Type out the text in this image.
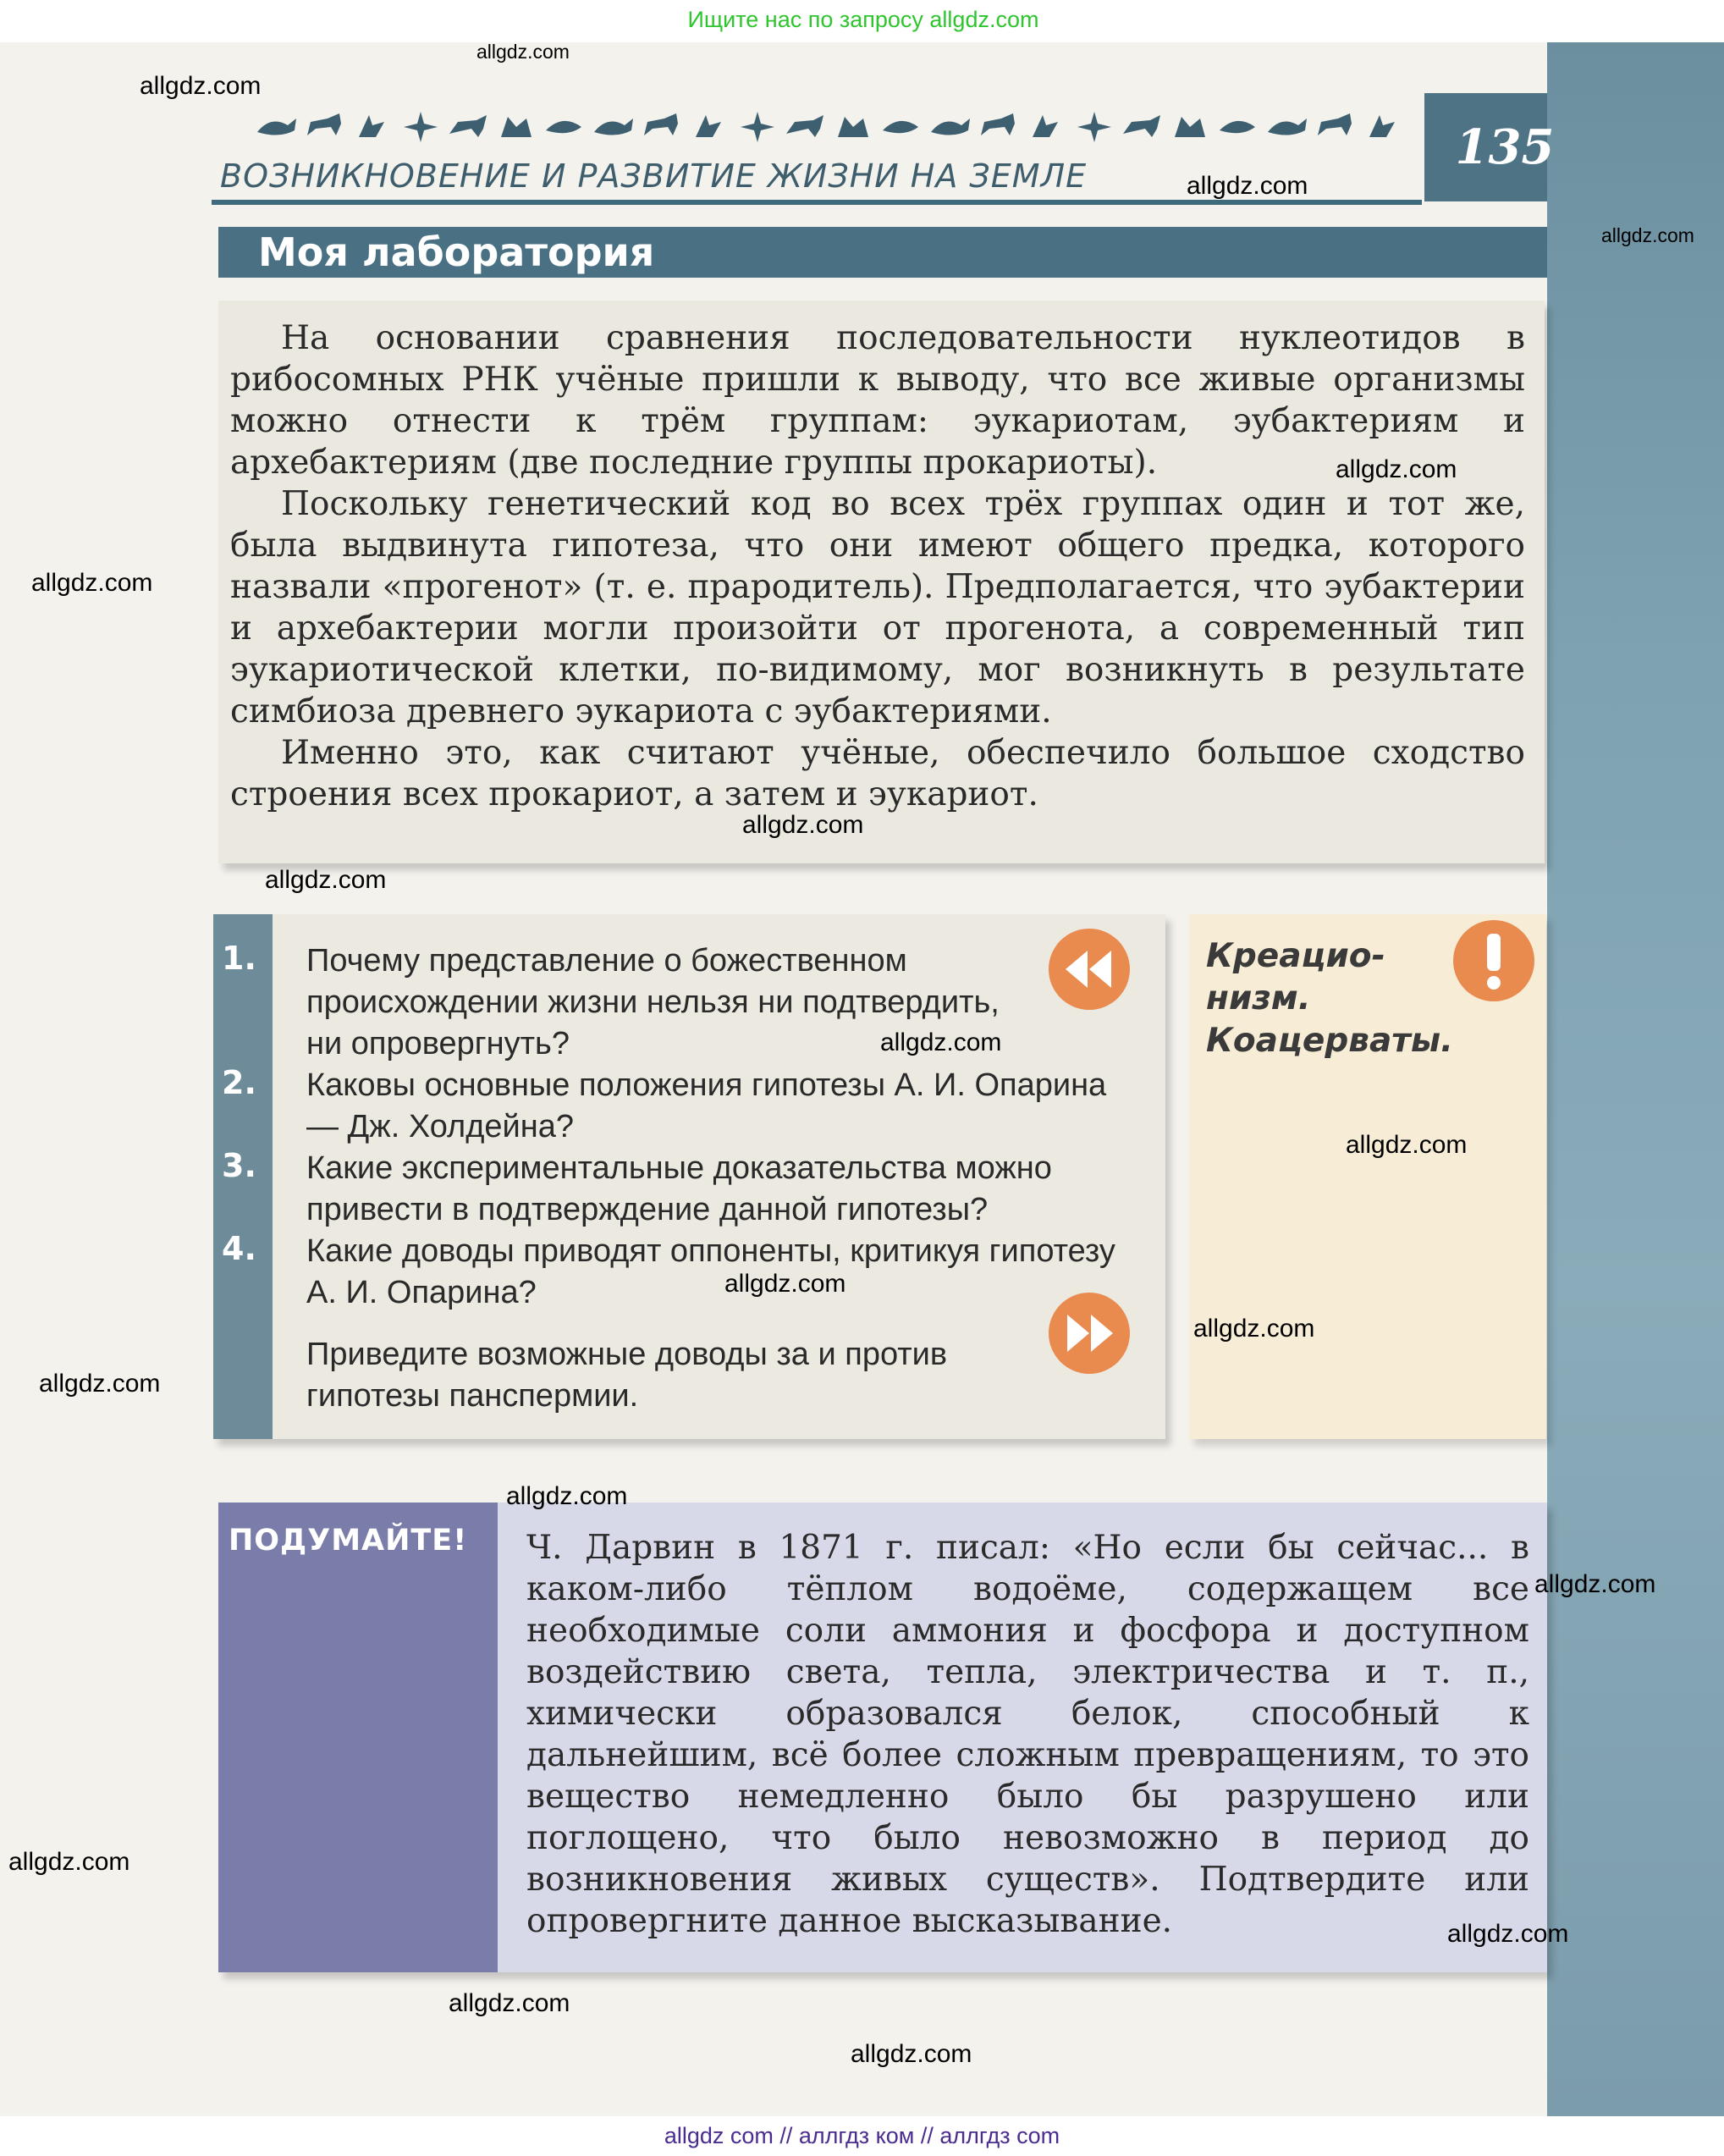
Ищите нас по запросу allgdz.com
ВОЗНИКНОВЕНИЕ И РАЗВИТИЕ ЖИЗНИ НА ЗЕМЛЕ
135
Моя лаборатория

На основании сравнения последовательности нуклеотидов в рибосомных РНК учёные пришли к выводу, что все живые организмы можно отнести к трём группам: эукариотам, эубактериям и архебактериям (две последние группы прокариоты).

Поскольку генетический код во всех трёх группах один и тот же, была выдвинута гипотеза, что они имеют общего предка, которого назвали «прогенот» (т. е. прародитель). Предполагается, что эубактерии и архебактерии могли произойти от прогенота, а современный тип эукариотической клетки, по-видимому, мог возникнуть в результате симбиоза древнего эукариота с эубактериями.

Именно это, как считают учёные, обеспечило большое сходство строения всех прокариот, а затем и эукариот.

1. Почему представление о божественном происхождении жизни нельзя ни подтвердить, ни опровергнуть?
2. Каковы основные положения гипотезы А. И. Опарина — Дж. Холдейна?
3. Какие экспериментальные доказательства можно привести в подтверждение данной гипотезы?
4. Какие доводы приводят оппоненты, критикуя гипотезу А. И. Опарина?
Приведите возможные доводы за и против гипотезы панспермии.
Креацио-
низм.
Коацерваты.
ПОДУМАЙТЕ!	Ч. Дарвин в 1871 г. писал: «Но если бы сейчас... в каком-либо тёплом водоёме, содержащем все необходимые соли аммония и фосфора и доступном воздействию света, тепла, электричества и т. п., химически образовался белок, способный к дальнейшим, всё более сложным превращениям, то это вещество немедленно было бы разрушено или поглощено, что было невозможно в период до возникновения живых существ». Подтвердите или опровергните данное высказывание.
allgdz.com
allgdz.com
allgdz.com
allgdz.com
allgdz.com
allgdz.com
allgdz.com
allgdz.com
allgdz.com
allgdz.com
allgdz.com
allgdz.com
allgdz.com
allgdz.com
allgdz.com
allgdz.com
allgdz.com
allgdz.com
allgdz.com
allgdz com // аллгдз ком // аллгдз com
